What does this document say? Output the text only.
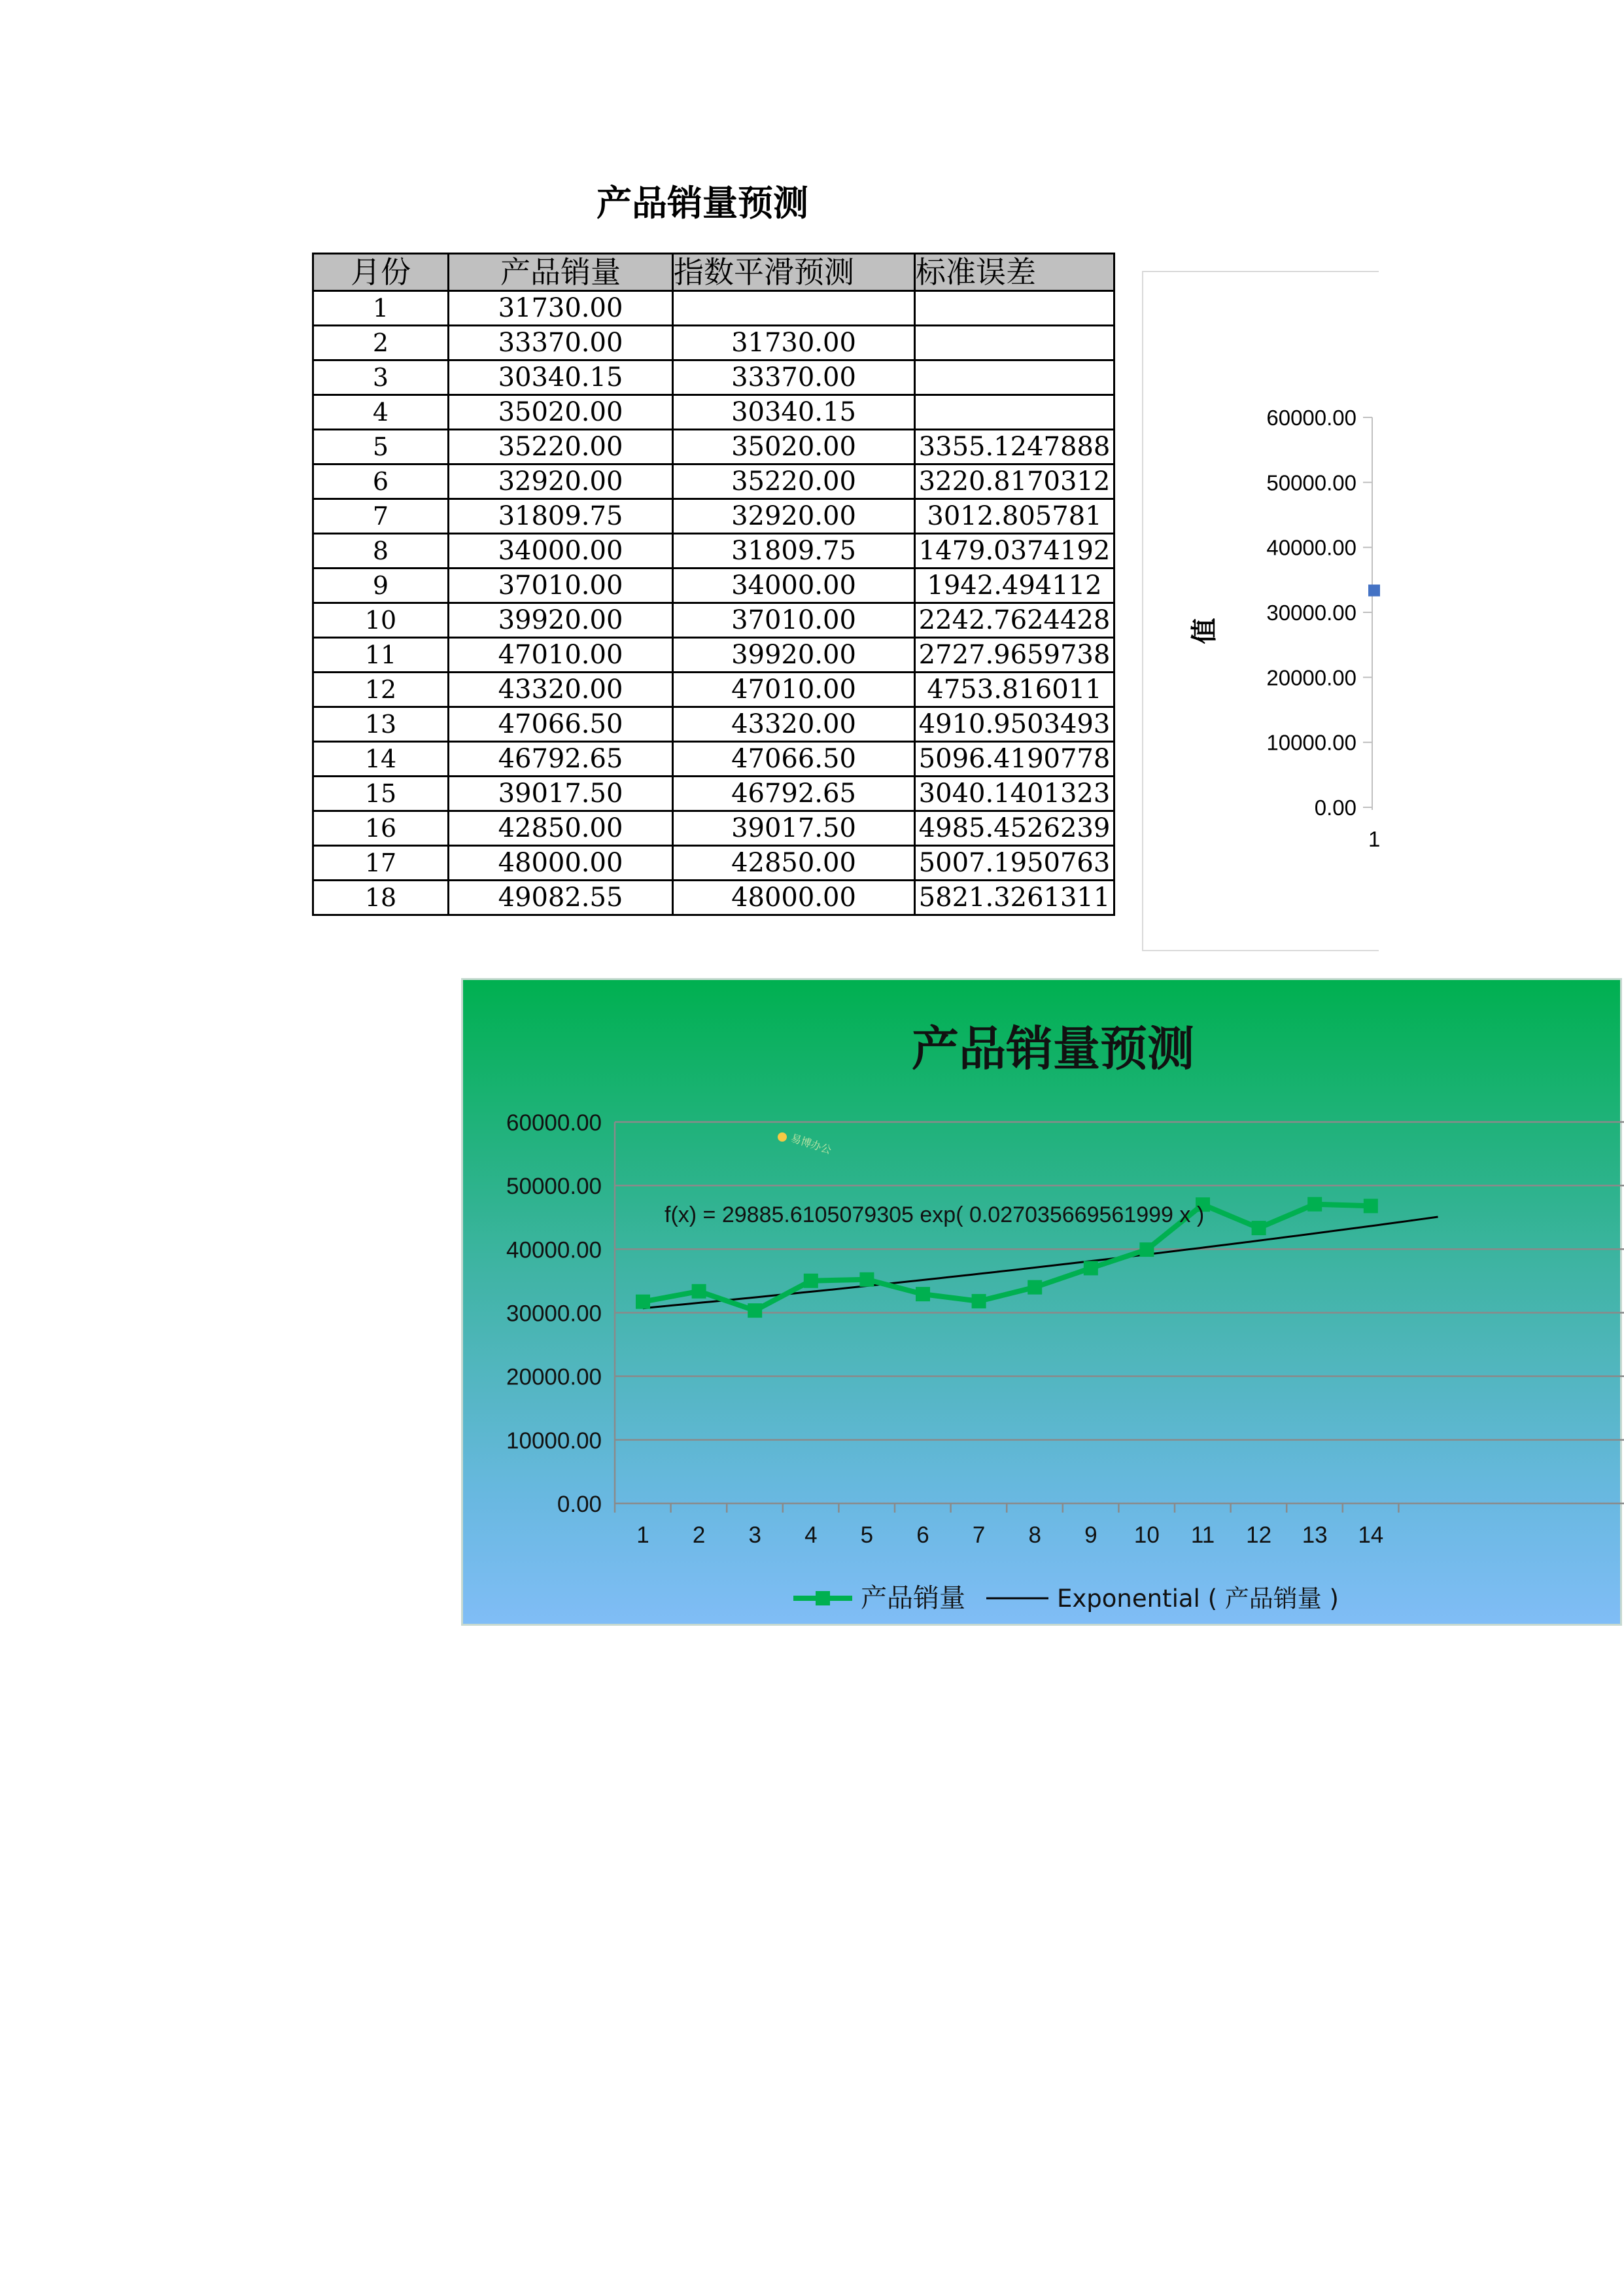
产品销量预测
月份	产品销量	指数平滑预测	标准误差
1	31730.00		
2	33370.00	31730.00	
3	30340.15	33370.00	
4	35020.00	30340.15	
5	35220.00	35020.00	3355.1247888
6	32920.00	35220.00	3220.8170312
7	31809.75	32920.00	3012.805781
8	34000.00	31809.75	1479.0374192
9	37010.00	34000.00	1942.494112
10	39920.00	37010.00	2242.7624428
11	47010.00	39920.00	2727.9659738
12	43320.00	47010.00	4753.816011
13	47066.50	43320.00	4910.9503493
14	46792.65	47066.50	5096.4190778
15	39017.50	46792.65	3040.1401323
16	42850.00	39017.50	4985.4526239
17	48000.00	42850.00	5007.1950763
18	49082.55	48000.00	5821.3261311
60000.00
50000.00
40000.00
30000.00
20000.00
10000.00
0.00
1
值
产品销量预测
60000.00
50000.00
40000.00
30000.00
20000.00
10000.00
0.00
1 2 3 4 5 6 7 8 9 10 11 12 13 14
f(x) = 29885.6105079305 exp( 0.027035669561999 x )
易博办公
产品销量	Exponential ( 产品销量 )
